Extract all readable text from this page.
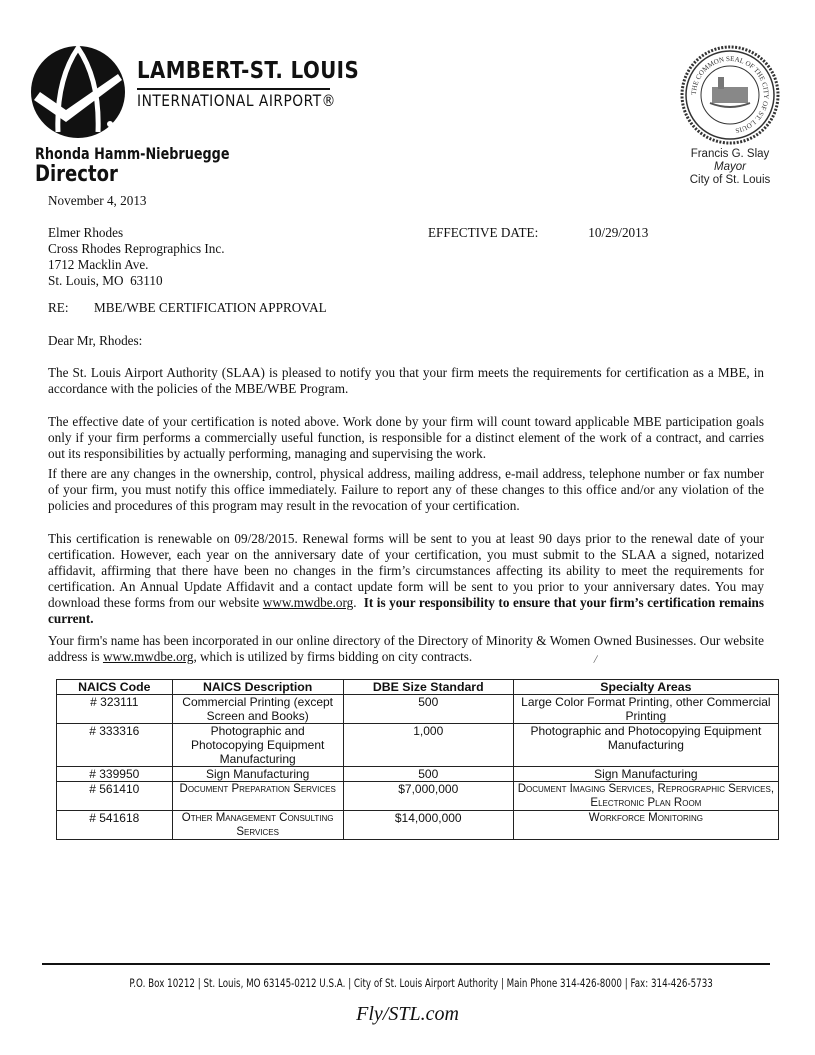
LAMBERT-ST. LOUIS
INTERNATIONAL AIRPORT®
Rhonda Hamm-Niebruegge
Director
THE COMMON SEAL OF THE CITY OF ST. LOUIS
Francis G. Slay
Mayor
City of St. Louis
November 4, 2013
Elmer Rhodes
Cross Rhodes Reprographics Inc.
1712 Macklin Ave.
St. Louis, MO  63110
EFFECTIVE DATE:	10/29/2013
RE: MBE/WBE CERTIFICATION APPROVAL
Dear Mr, Rhodes:
The St. Louis Airport Authority (SLAA) is pleased to notify you that your firm meets the requirements for certification as a MBE, in accordance with the policies of the MBE/WBE Program.
The effective date of your certification is noted above. Work done by your firm will count toward applicable MBE participation goals only if your firm performs a commercially useful function, is responsible for a distinct element of the work of a contract, and carries out its responsibilities by actually performing, managing and supervising the work.
If there are any changes in the ownership, control, physical address, mailing address, e-mail address, telephone number or fax number of your firm, you must notify this office immediately. Failure to report any of these changes to this office and/or any violation of the policies and procedures of this program may result in the revocation of your certification.
This certification is renewable on 09/28/2015. Renewal forms will be sent to you at least 90 days prior to the renewal date of your certification. However, each year on the anniversary date of your certification, you must submit to the SLAA a signed, notarized affidavit, affirming that there have been no changes in the firm’s circumstances affecting its ability to meet the requirements for certification. An Annual Update Affidavit and a contact update form will be sent to you prior to your anniversary dates. You may download these forms from our website www.mwdbe.org.  It is your responsibility to ensure that your firm’s certification remains current.
Your firm's name has been incorporated in our online directory of the Directory of Minority & Women Owned Businesses. Our website address is www.mwdbe.org, which is utilized by firms bidding on city contracts.	/
NAICS Code	NAICS Description	DBE Size Standard	Specialty Areas
# 323111	Commercial Printing (except Screen and Books)	500	Large Color Format Printing, other Commercial Printing
# 333316	Photographic and Photocopying Equipment Manufacturing	1,000	Photographic and Photocopying Equipment Manufacturing
# 339950	Sign Manufacturing	500	Sign Manufacturing
# 561410	Document Preparation Services	$7,000,000	Document Imaging Services, Reprographic Services, Electronic Plan Room
# 541618	Other Management Consulting Services	$14,000,000	Workforce Monitoring
P.O. Box 10212 | St. Louis, MO 63145-0212 U.S.A. | City of St. Louis Airport Authority | Main Phone 314-426-8000 | Fax: 314-426-5733
Fly/STL.com
